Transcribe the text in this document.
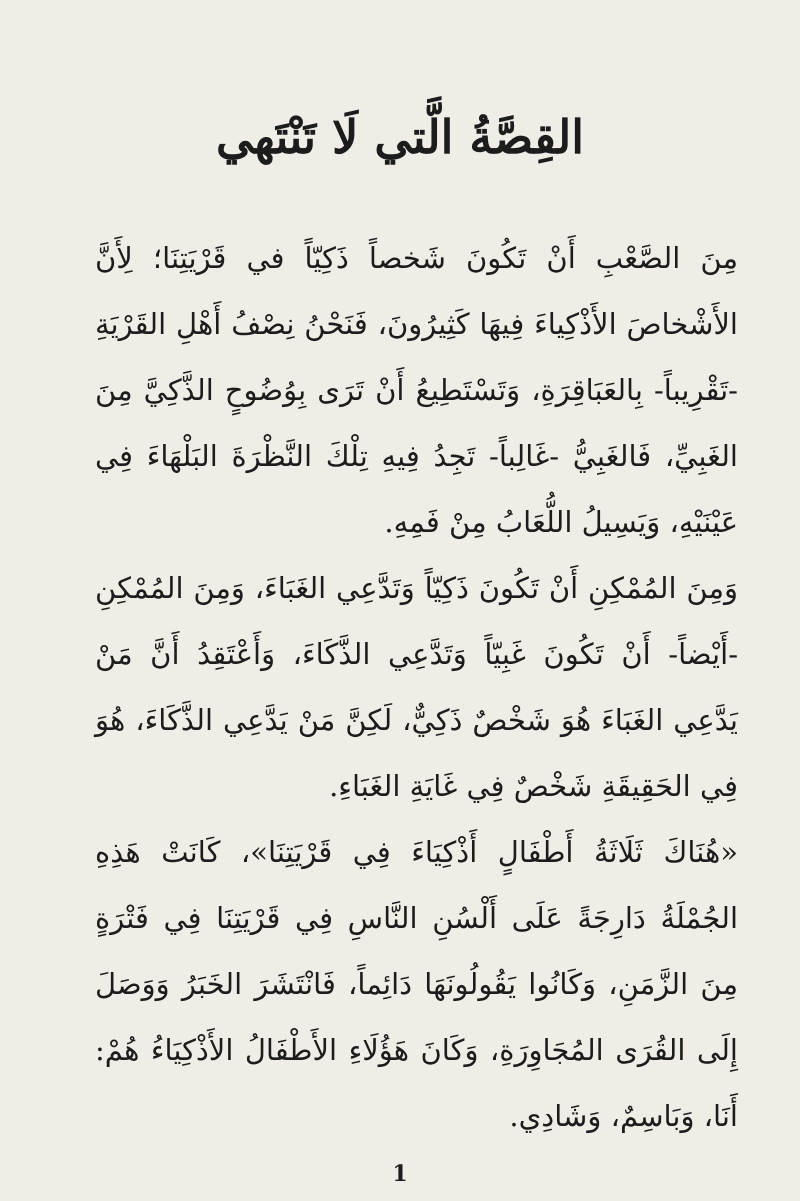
القِصَّةُ الَّتي لَا تَنْتَهي

مِنَ الصَّعْبِ أَنْ تَكُونَ شَخصاً ذَكِيّاً في قَرْيَتِنَا؛ لِأَنَّ الأَشْخاصَ الأَذْكِياءَ فِيهَا كَثِيرُونَ، فَنَحْنُ نِصْفُ أَهْلِ القَرْيَةِ -تَقْرِيباً- بِالعَبَاقِرَةِ، وَتَسْتَطِيعُ أَنْ تَرَى بِوُضُوحٍ الذَّكِيَّ مِنَ الغَبِيِّ، فَالغَبِيُّ -غَالِباً- تَجِدُ فِيهِ تِلْكَ النَّظْرَةَ البَلْهَاءَ فِي عَيْنَيْهِ، وَيَسِيلُ اللُّعَابُ مِنْ فَمِهِ.

وَمِنَ المُمْكِنِ أَنْ تَكُونَ ذَكِيّاً وَتَدَّعِي الغَبَاءَ، وَمِنَ المُمْكِنِ -أَيْضاً- أَنْ تَكُونَ غَبِيّاً وَتَدَّعِي الذَّكَاءَ، وَأَعْتَقِدُ أَنَّ مَنْ يَدَّعِي الغَبَاءَ هُوَ شَخْصٌ ذَكِيٌّ، لَكِنَّ مَنْ يَدَّعِي الذَّكَاءَ، هُوَ فِي الحَقِيقَةِ شَخْصٌ فِي غَايَةِ الغَبَاءِ.

«هُنَاكَ ثَلَاثَةُ أَطْفَالٍ أَذْكِيَاءَ فِي قَرْيَتِنَا»، كَانَتْ هَذِهِ الجُمْلَةُ دَارِجَةً عَلَى أَلْسُنِ النَّاسِ فِي قَرْيَتِنَا فِي فَتْرَةٍ مِنَ الزَّمَنِ، وَكَانُوا يَقُولُونَهَا دَائِماً، فَانْتَشَرَ الخَبَرُ وَوَصَلَ إِلَى القُرَى المُجَاوِرَةِ، وَكَانَ هَؤُلَاءِ الأَطْفَالُ الأَذْكِيَاءُ هُمْ: أَنَا، وَبَاسِمٌ، وَشَادِي.

1
